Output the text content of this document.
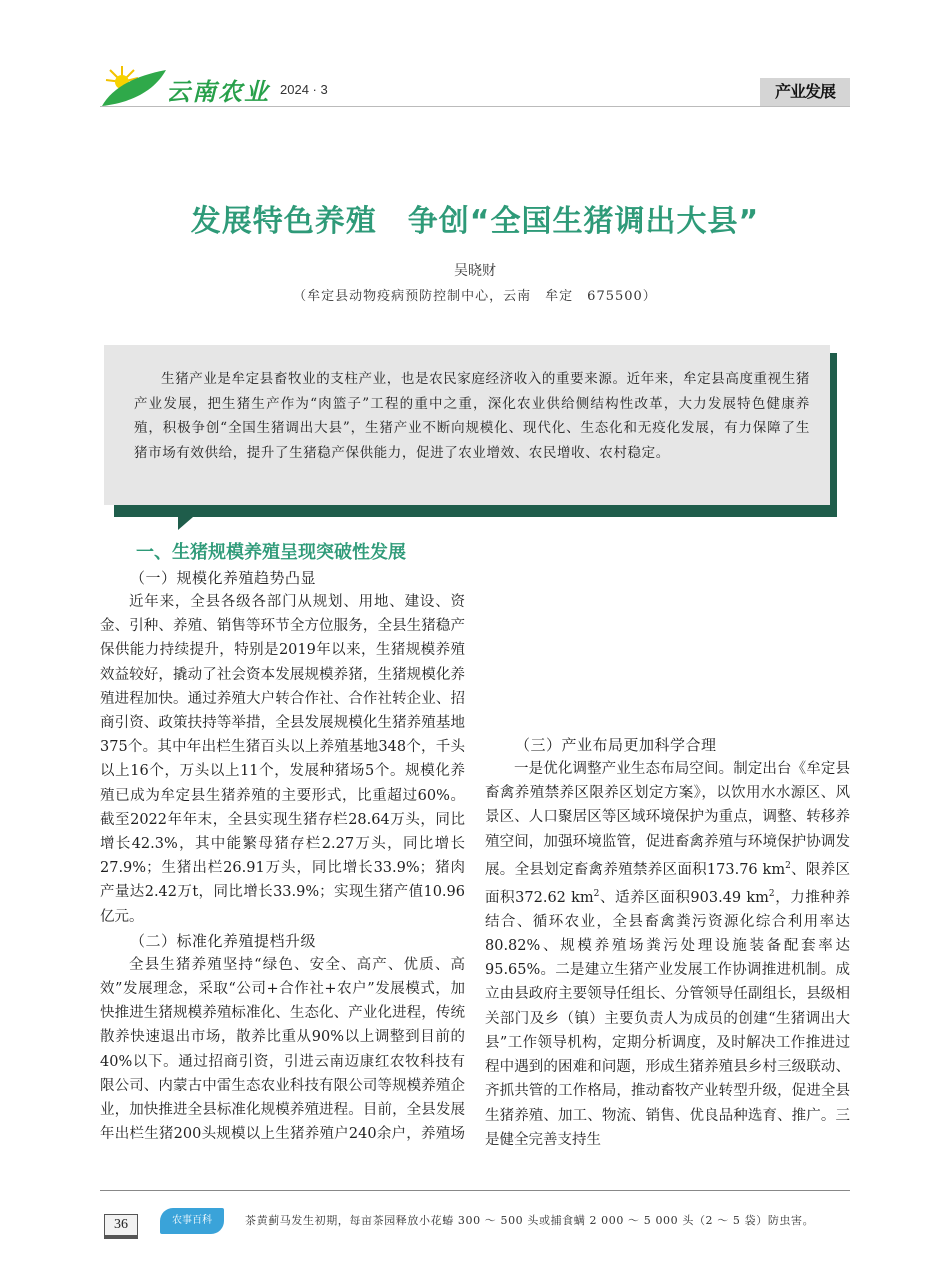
云南农业 2024 · 3	产业发展
发展特色养殖　争创“全国生猪调出大县”
吴晓财
（牟定县动物疫病预防控制中心，云南　牟定　675500）

生猪产业是牟定县畜牧业的支柱产业，也是农民家庭经济收入的重要来源。近年来，牟定县高度重视生猪产业发展，把生猪生产作为“肉篮子”工程的重中之重，深化农业供给侧结构性改革，大力发展特色健康养殖，积极争创“全国生猪调出大县”，生猪产业不断向规模化、现代化、生态化和无疫化发展，有力保障了生猪市场有效供给，提升了生猪稳产保供能力，促进了农业增效、农民增收、农村稳定。

一、生猪规模养殖呈现突破性发展
（一）规模化养殖趋势凸显

近年来，全县各级各部门从规划、用地、建设、资金、引种、养殖、销售等环节全方位服务，全县生猪稳产保供能力持续提升，特别是2019年以来，生猪规模养殖效益较好，撬动了社会资本发展规模养猪，生猪规模化养殖进程加快。通过养殖大户转合作社、合作社转企业、招商引资、政策扶持等举措，全县发展规模化生猪养殖基地375个。其中年出栏生猪百头以上养殖基地348个，千头以上16个，万头以上11个，发展种猪场5个。规模化养殖已成为牟定县生猪养殖的主要形式，比重超过60%。截至2022年年末，全县实现生猪存栏28.64万头，同比增长42.3%，其中能繁母猪存栏2.27万头，同比增长27.9%；生猪出栏26.91万头，同比增长33.9%；猪肉产量达2.42万t，同比增长33.9%；实现生猪产值10.96亿元。

（二）标准化养殖提档升级

全县生猪养殖坚持“绿色、安全、高产、优质、高效”发展理念，采取“公司+合作社+农户”发展模式，加快推进生猪规模养殖标准化、生态化、产业化进程，传统散养快速退出市场，散养比重从90%以上调整到目前的40%以下。通过招商引资，引进云南迈康红农牧科技有限公司、内蒙古中雷生态农业科技有限公司等规模养殖企业，加快推进全县标准化规模养殖进程。目前，全县发展年出栏生猪200头规模以上生猪养殖户240余户，养殖场

（三）产业布局更加科学合理

一是优化调整产业生态布局空间。制定出台《牟定县畜禽养殖禁养区限养区划定方案》，以饮用水水源区、风景区、人口聚居区等区域环境保护为重点，调整、转移养殖空间，加强环境监管，促进畜禽养殖与环境保护协调发展。全县划定畜禽养殖禁养区面积173.76 $km^2$、限养区面积372.62 $km^2$、适养区面积903.49 $km^2$，力推种养结合、循环农业，全县畜禽粪污资源化综合利用率达80.82%、规模养殖场粪污处理设施装备配套率达95.65%。二是建立生猪产业发展工作协调推进机制。成立由县政府主要领导任组长、分管领导任副组长，县级相关部门及乡（镇）主要负责人为成员的创建“生猪调出大县”工作领导机构，定期分析调度，及时解决工作推进过程中遇到的困难和问题，形成生猪养殖县乡村三级联动、齐抓共管的工作格局，推动畜牧产业转型升级，促进全县生猪养殖、加工、物流、销售、优良品种选育、推广。三是健全完善支持生

36	农事百科	茶黄蓟马发生初期，每亩茶园释放小花蝽 300 ～ 500 头或捕食螨 2 000 ～ 5 000 头（2 ～ 5 袋）防虫害。
